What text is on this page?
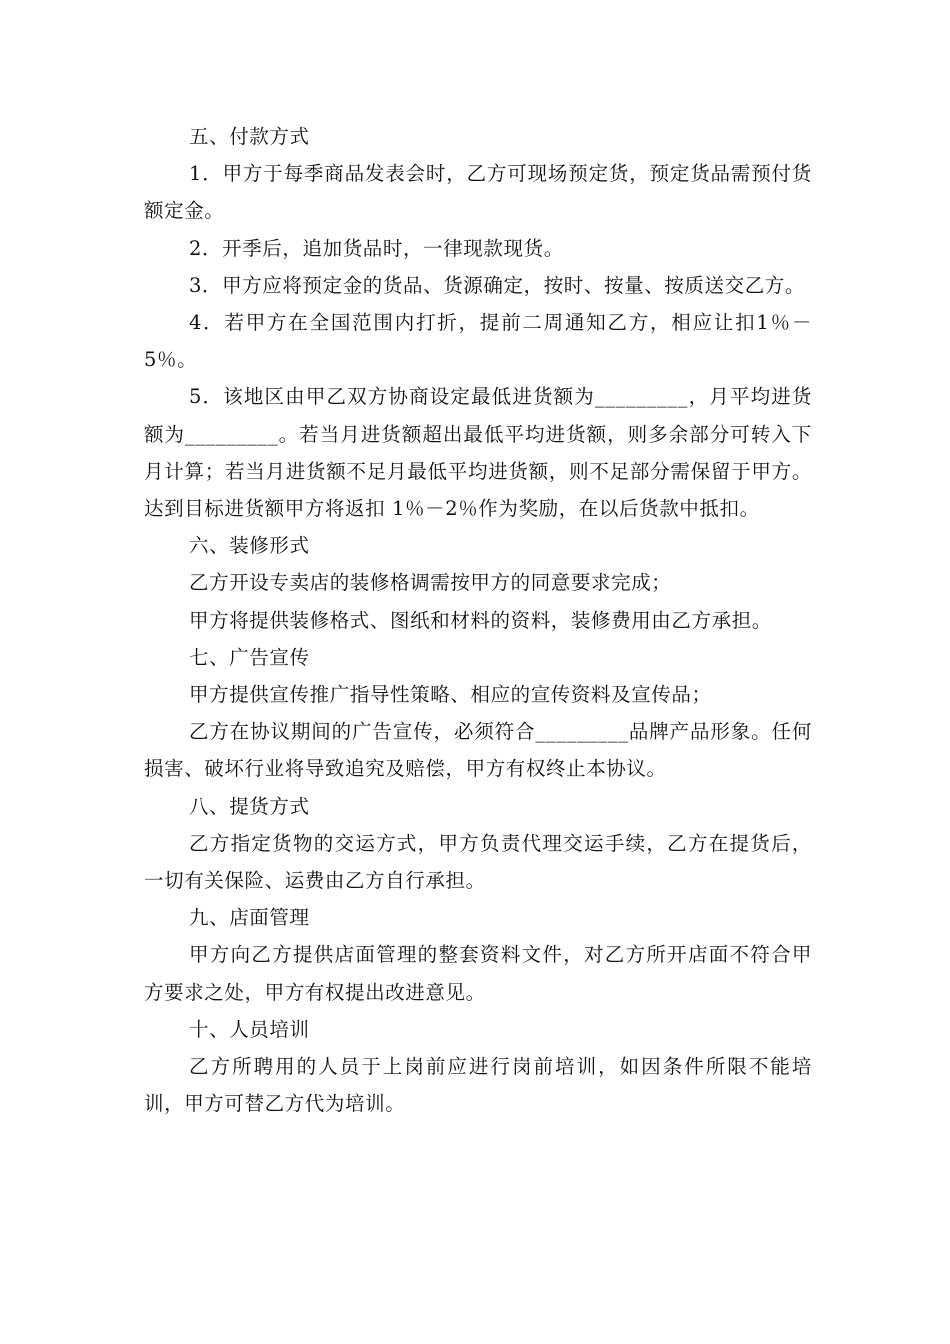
五、付款方式

1．甲方于每季商品发表会时，乙方可现场预定货，预定货品需预付货额定金。

2．开季后，追加货品时，一律现款现货。

3．甲方应将预定金的货品、货源确定，按时、按量、按质送交乙方。

4．若甲方在全国范围内打折，提前二周通知乙方，相应让扣1％－5％。

5．该地区由甲乙双方协商设定最低进货额为_________，月平均进货额为_________。若当月进货额超出最低平均进货额，则多余部分可转入下月计算；若当月进货额不足月最低平均进货额，则不足部分需保留于甲方。达到目标进货额甲方将返扣 1％－2％作为奖励，在以后货款中抵扣。

六、装修形式

乙方开设专卖店的装修格调需按甲方的同意要求完成；

甲方将提供装修格式、图纸和材料的资料，装修费用由乙方承担。

七、广告宣传

甲方提供宣传推广指导性策略、相应的宣传资料及宣传品；

乙方在协议期间的广告宣传，必须符合_________品牌产品形象。任何损害、破坏行业将导致追究及赔偿，甲方有权终止本协议。

八、提货方式

乙方指定货物的交运方式，甲方负责代理交运手续，乙方在提货后，一切有关保险、运费由乙方自行承担。

九、店面管理

甲方向乙方提供店面管理的整套资料文件，对乙方所开店面不符合甲方要求之处，甲方有权提出改进意见。

十、人员培训

乙方所聘用的人员于上岗前应进行岗前培训，如因条件所限不能培训，甲方可替乙方代为培训。
